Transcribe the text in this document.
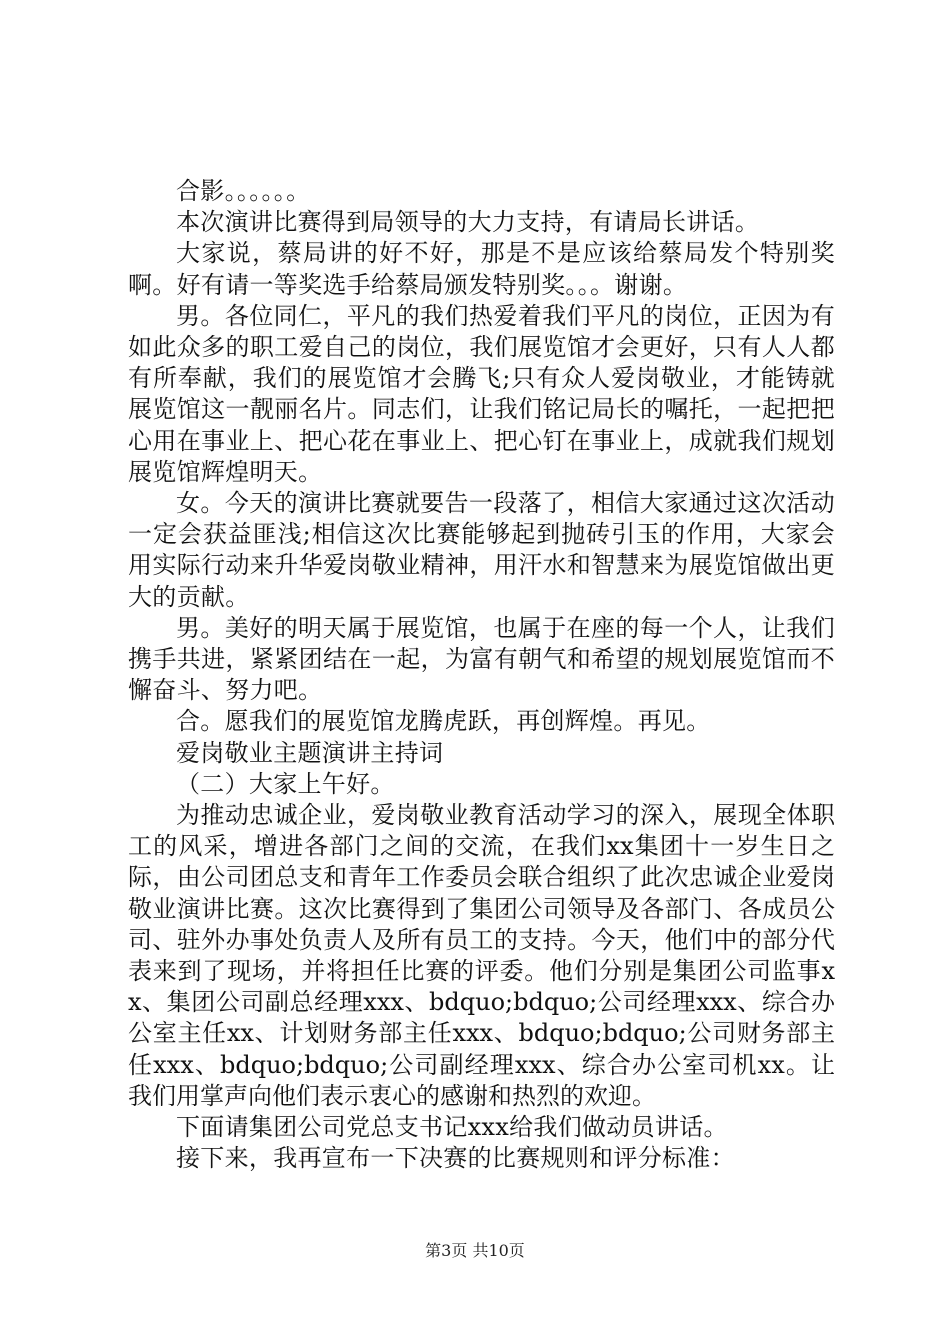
合影。。。。。。

本次演讲比赛得到局领导的大力支持，有请局长讲话。

大家说，蔡局讲的好不好，那是不是应该给蔡局发个特别奖啊。好有请一等奖选手给蔡局颁发特别奖。。。谢谢。

男。各位同仁，平凡的我们热爱着我们平凡的岗位，正因为有如此众多的职工爱自己的岗位，我们展览馆才会更好，只有人人都有所奉献，我们的展览馆才会腾飞;只有众人爱岗敬业，才能铸就展览馆这一靓丽名片。同志们，让我们铭记局长的嘱托，一起把把心用在事业上、把心花在事业上、把心钉在事业上，成就我们规划展览馆辉煌明天。

女。今天的演讲比赛就要告一段落了，相信大家通过这次活动一定会获益匪浅;相信这次比赛能够起到抛砖引玉的作用，大家会用实际行动来升华爱岗敬业精神，用汗水和智慧来为展览馆做出更大的贡献。

男。美好的明天属于展览馆，也属于在座的每一个人，让我们携手共进，紧紧团结在一起，为富有朝气和希望的规划展览馆而不懈奋斗、努力吧。

合。愿我们的展览馆龙腾虎跃，再创辉煌。再见。

爱岗敬业主题演讲主持词

（二）大家上午好。

为推动忠诚企业，爱岗敬业教育活动学习的深入，展现全体职工的风采，增进各部门之间的交流，在我们xx集团十一岁生日之际，由公司团总支和青年工作委员会联合组织了此次忠诚企业爱岗敬业演讲比赛。这次比赛得到了集团公司领导及各部门、各成员公司、驻外办事处负责人及所有员工的支持。今天，他们中的部分代表来到了现场，并将担任比赛的评委。他们分别是集团公司监事xx、集团公司副总经理xxx、bdquo;bdquo;公司经理xxx、综合办公室主任xx、计划财务部主任xxx、bdquo;bdquo;公司财务部主任xxx、bdquo;bdquo;公司副经理xxx、综合办公室司机xx。让我们用掌声向他们表示衷心的感谢和热烈的欢迎。

下面请集团公司党总支书记xxx给我们做动员讲话。

接下来，我再宣布一下决赛的比赛规则和评分标准：

第3页 共10页
